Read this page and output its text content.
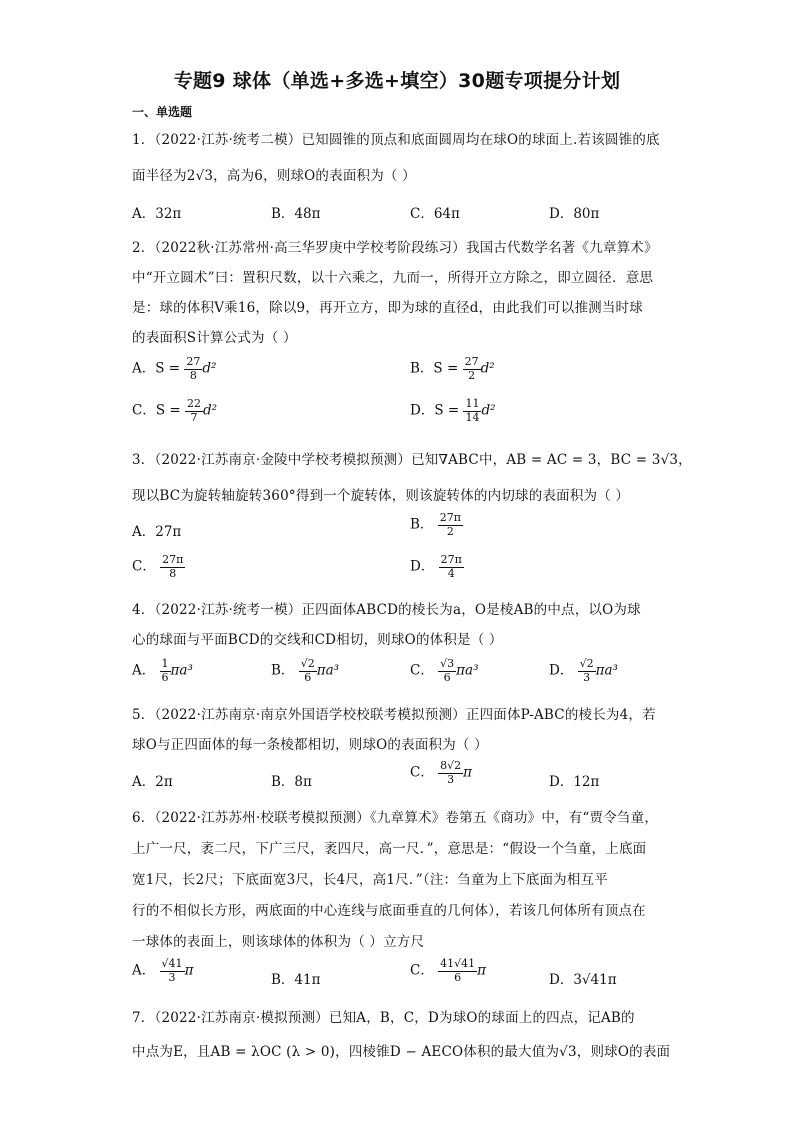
专题9 球体（单选+多选+填空）30题专项提分计划
一、单选题
1．（2022·江苏·统考二模）已知圆锥的顶点和底面圆周均在球O的球面上.若该圆锥的底
面半径为2√3，高为6，则球O的表面积为（ ）
A．32π	B．48π	C．64π	D．80π
2．（2022秋·江苏常州·高三华罗庚中学校考阶段练习）我国古代数学名著《九章算术》
中“开立圆术”曰：置积尺数，以十六乘之，九而一，所得开立方除之，即立圆径．意思
是：球的体积V乘16，除以9，再开立方，即为球的直径d，由此我们可以推测当时球
的表面积S计算公式为（ ）
A．$S = \frac{27}{8} d^2$	B．$S = \frac{27}{2} d^2$
C．$S = \frac{22}{7} d^2$	D．$S = \frac{11}{14} d^2$
3．（2022·江苏南京·金陵中学校考模拟预测）已知∇ABC中，AB = AC = 3，BC = 3√3，
现以BC为旋转轴旋转360°得到一个旋转体，则该旋转体的内切球的表面积为（ ）
A．27π	B． $\frac{27\pi}{2}$
C． $\frac{27\pi}{8}$	D． $\frac{27\pi}{4}$
4．（2022·江苏·统考一模）正四面体ABCD的棱长为a，O是棱AB的中点，以O为球
心的球面与平面BCD的交线和CD相切，则球O的体积是（ ）
A． $\frac{1}{6} \pi a^3$	B． $\frac{√2}{6} \pi a^3$	C． $\frac{√3}{6} \pi a^3$	D． $\frac{√2}{3} \pi a^3$
5．（2022·江苏南京·南京外国语学校校联考模拟预测）正四面体P-ABC的棱长为4，若
球O与正四面体的每一条棱都相切，则球O的表面积为（ ）
A．2π	B．8π
C． $\frac{8√2}{3}$ π
D．12π
6．（2022·江苏苏州·校联考模拟预测）《九章算术》卷第五《商功》中，有“贾令刍童，
上广一尺，袤二尺，下广三尺，袤四尺，高一尺．”，意思是：“假设一个刍童，上底面
宽1尺，长2尺；下底面宽3尺，长4尺，高1尺．”（注：刍童为上下底面为相互平
行的不相似长方形，两底面的中心连线与底面垂直的几何体），若该几何体所有顶点在
一球体的表面上，则该球体的体积为（ ）立方尺
A． $\frac{√41}{3}$ π
B．41π
C． $\frac{41√41}{6}$ π
D．3√41π
7．（2022·江苏南京·模拟预测）已知A，B，C，D为球O的球面上的四点，记AB的
中点为E，且AB = λOC (λ > 0)，四棱锥D − AECO体积的最大值为√3，则球O的表面
